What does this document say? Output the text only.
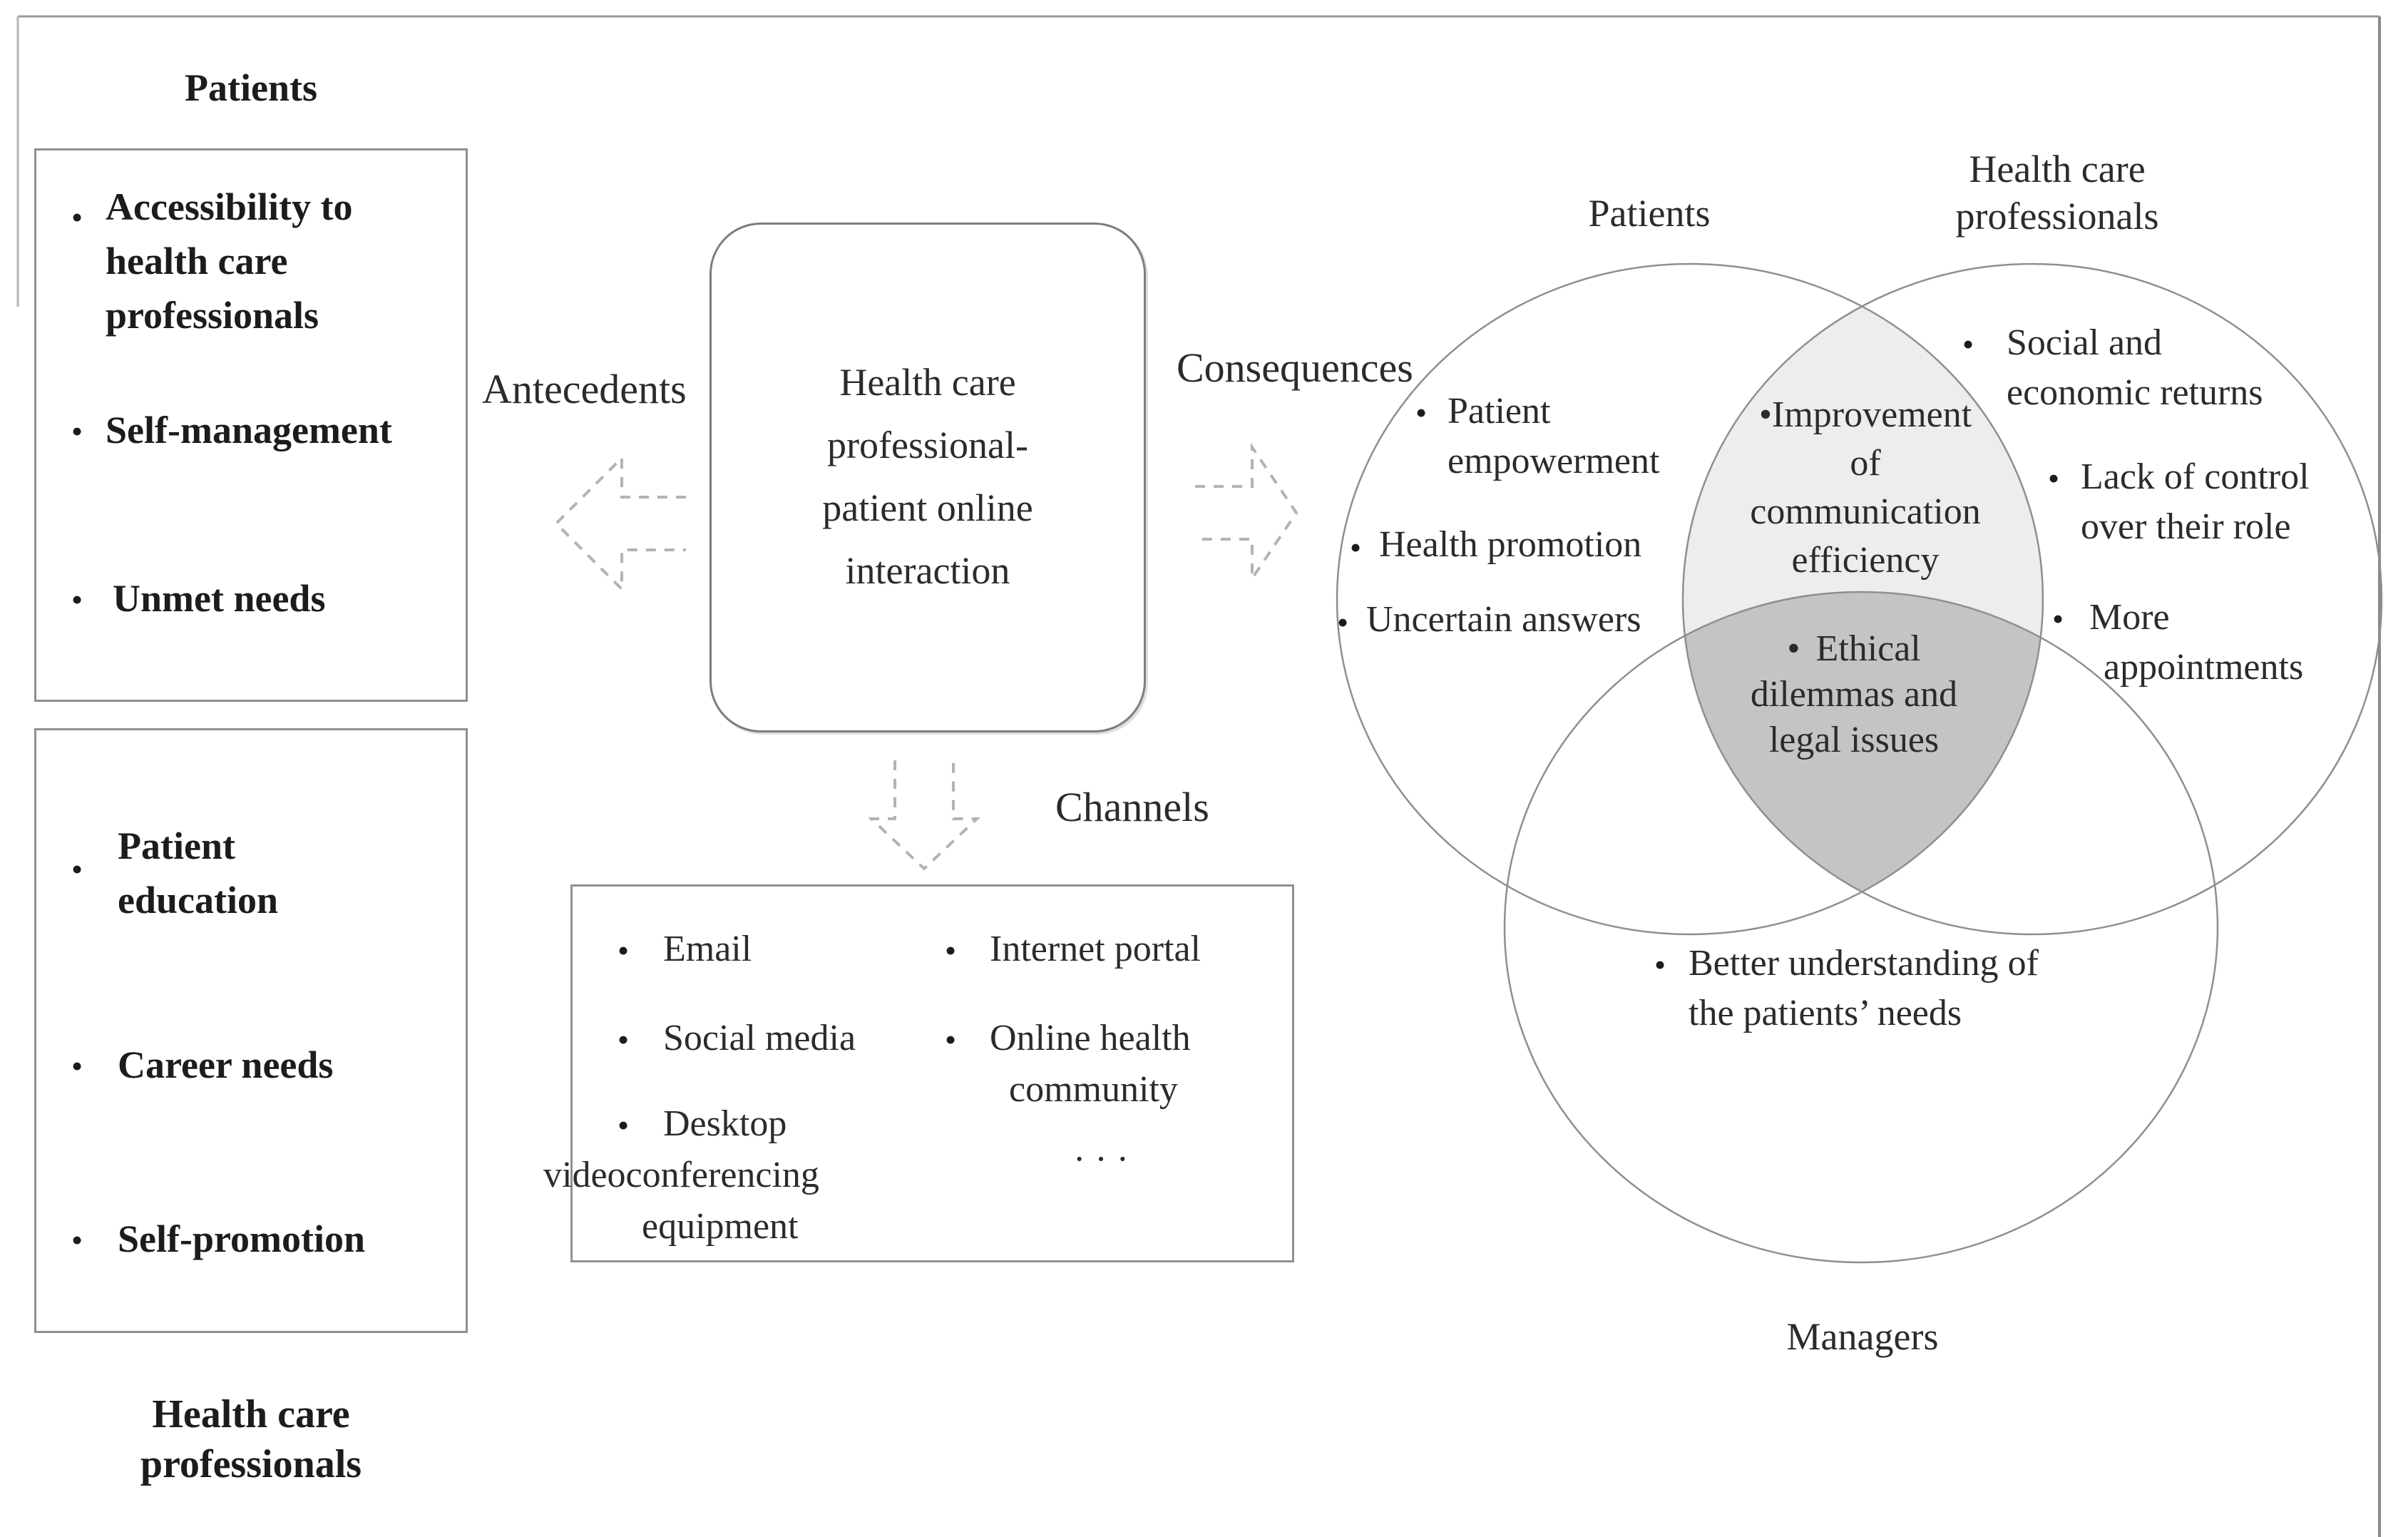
Patients
• Accessibility to
health care
professionals
• Self-management
• Unmet needs
•
Patient
education
• Career needs
• Self-promotion
Health care
professionals
Antecedents	Consequences
Channels
Health care
professional-
patient online
interaction
• Email
• Social media
• Desktop
videoconferencing
equipment
• Internet portal
• Online health
community
· · ·
Patients
Health care
professionals
Managers
• Patient
empowerment
• Health promotion
• Uncertain answers
•Improvement
of
communication
efficiency
• Social and
economic returns
• Lack of control
over their role
• More
appointments
• Ethical
dilemmas and
legal issues
• Better understanding of
the patients’ needs
